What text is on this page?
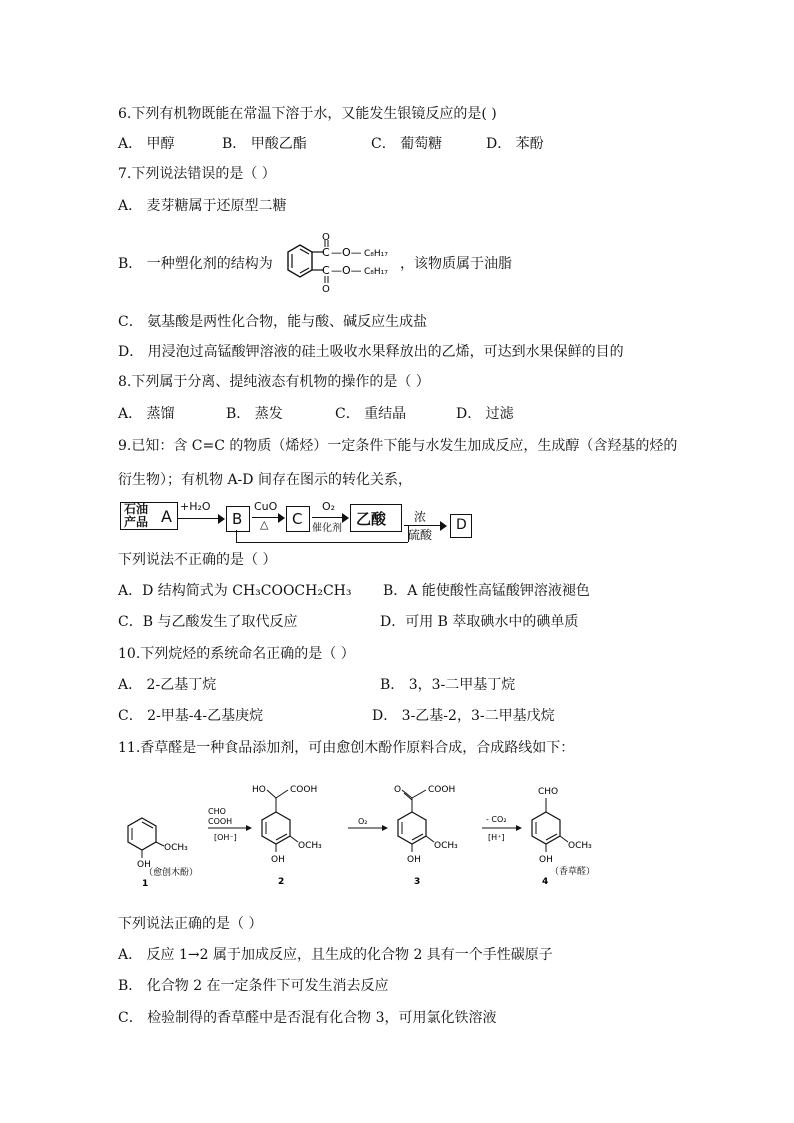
6.下列有机物既能在常温下溶于水，又能发生银镜反应的是( )
A． 甲醇	B． 甲酸乙酯	C． 葡萄糖	D． 苯酚
7.下列说法错误的是（ ）
A． 麦芽糖属于还原型二糖
B． 一种塑化剂的结构为
C
C
O
O
—O—
—O—
C₈H₁₇
C₈H₁₇ ，该物质属于油脂
C． 氨基酸是两性化合物，能与酸、碱反应生成盐
D． 用浸泡过高锰酸钾溶液的硅土吸收水果释放出的乙烯，可达到水果保鲜的目的
8.下列属于分离、提纯液态有机物的操作的是（ ）
A． 蒸馏	B． 蒸发	C． 重结晶	D． 过滤
9.已知：含 C=C 的物质（烯烃）一定条件下能与水发生加成反应，生成醇（含羟基的烃的
衍生物）；有机物 A-D 间存在图示的转化关系，
石油产品 A
+H₂O
B
CuO
△ C
O₂
催化剂
乙酸 浓
硫酸
D
下列说法不正确的是（ ）
A．D 结构简式为 CH₃COOCH₂CH₃ B．A 能使酸性高锰酸钾溶液褪色
C．B 与乙酸发生了取代反应	D．可用 B 萃取碘水中的碘单质
10.下列烷烃的系统命名正确的是（ ）
A． 2-乙基丁烷	B． 3，3-二甲基丁烷
C． 2-甲基-4-乙基庚烷	D． 3-乙基-2，3-二甲基戊烷
11.香草醛是一种食品添加剂，可由愈创木酚作原料合成，合成路线如下：
OCH₃
OH
（愈创木酚）
1
CHO
COOH
[OH⁻]
HO	COOH
OCH₃
OH
2
O₂
O	COOH
OCH₃
OH
3
- CO₂
[H⁺]
CHO
OCH₃
OH
（香草醛）
4
下列说法正确的是（ ）
A． 反应 1→2 属于加成反应，且生成的化合物 2 具有一个手性碳原子
B． 化合物 2 在一定条件下可发生消去反应
C． 检验制得的香草醛中是否混有化合物 3，可用氯化铁溶液
